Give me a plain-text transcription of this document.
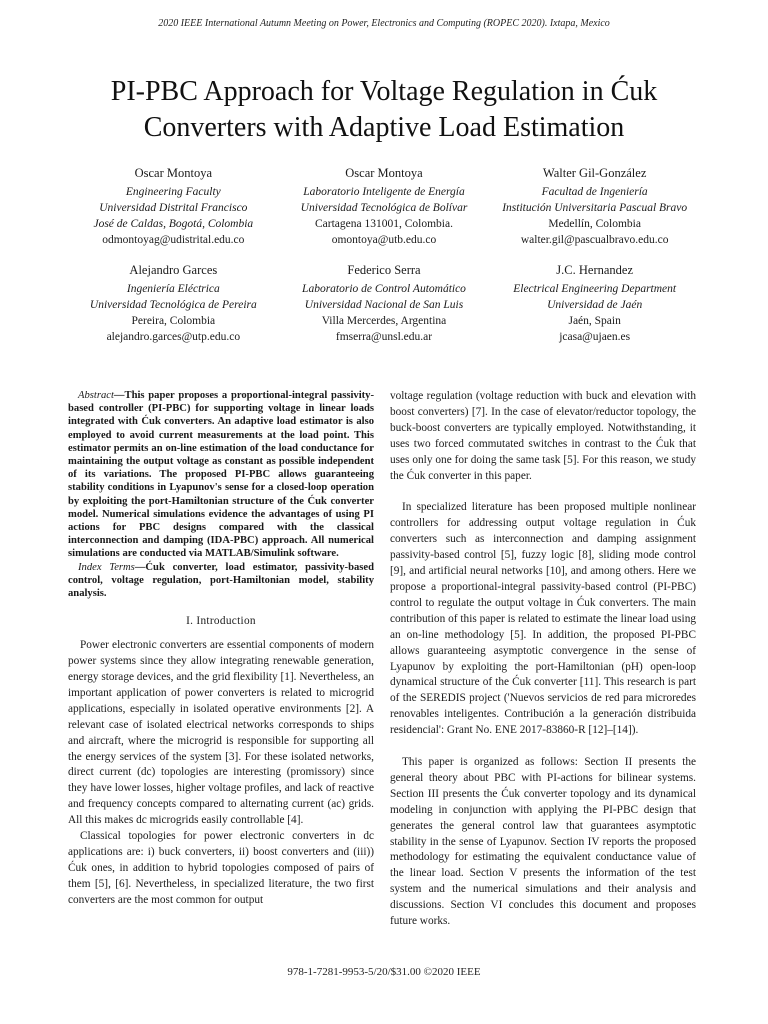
2020 IEEE International Autumn Meeting on Power, Electronics and Computing (ROPEC 2020). Ixtapa, Mexico
PI-PBC Approach for Voltage Regulation in Ćuk
Converters with Adaptive Load Estimation
Oscar Montoya
Engineering Faculty
Universidad Distrital Francisco
José de Caldas, Bogotá, Colombia
odmontoyag@udistrital.edu.co
Oscar Montoya
Laboratorio Inteligente de Energía
Universidad Tecnológica de Bolívar
Cartagena 131001, Colombia.
omontoya@utb.edu.co
Walter Gil-González
Facultad de Ingeniería
Institución Universitaria Pascual Bravo
Medellín, Colombia
walter.gil@pascualbravo.edu.co
Alejandro Garces
Ingeniería Eléctrica
Universidad Tecnológica de Pereira
Pereira, Colombia
alejandro.garces@utp.edu.co
Federico Serra
Laboratorio de Control Automático
Universidad Nacional de San Luis
Villa Mercerdes, Argentina
fmserra@unsl.edu.ar
J.C. Hernandez
Electrical Engineering Department
Universidad de Jaén
Jaén, Spain
jcasa@ujaen.es

Abstract—This paper proposes a proportional-integral passivity-based controller (PI-PBC) for supporting voltage in linear loads integrated with Ćuk converters. An adaptive load estimator is also employed to avoid current measurements at the load point. This estimator permits an on-line estimation of the load conductance for maintaining the output voltage as constant as possible independent of its variations. The proposed PI-PBC allows guaranteeing stability conditions in Lyapunov's sense for a closed-loop operation by exploiting the port-Hamiltonian structure of the Ćuk converter model. Numerical simulations evidence the advantages of using PI actions for PBC designs compared with the classical interconnection and damping (IDA-PBC) approach. All numerical simulations are conducted via MATLAB/Simulink software.

Index Terms—Ćuk converter, load estimator, passivity-based control, voltage regulation, port-Hamiltonian model, stability analysis.

I. Introduction

Power electronic converters are essential components of modern power systems since they allow integrating renewable generation, energy storage devices, and the grid flexibility [1]. Nevertheless, an important application of power converters is related to microgrid applications, especially in isolated operative environments [2]. A relevant case of isolated electrical networks corresponds to ships and aircraft, where the microgrid is responsible for supporting all the energy services of the system [3]. For these isolated networks, direct current (dc) topologies are interesting (promissory) since they have lower losses, higher voltage profiles, and lack of reactive and frequency concepts compared to alternating current (ac) grids. All this makes dc microgrids easily controllable [4].

Classical topologies for power electronic converters in dc applications are: i) buck converters, ii) boost converters and (iii)) Ćuk ones, in addition to hybrid topologies composed of pairs of them [5], [6]. Nevertheless, in specialized literature, the two first converters are the most common for output

voltage regulation (voltage reduction with buck and elevation with boost converters) [7]. In the case of elevator/reductor topology, the buck-boost converters are typically employed. Notwithstanding, it uses two forced commutated switches in contrast to the Ćuk that uses only one for doing the same task [5]. For this reason, we study the Ćuk converter in this paper.

In specialized literature has been proposed multiple nonlinear controllers for addressing output voltage regulation in Ćuk converters such as interconnection and damping assignment passivity-based control [5], fuzzy logic [8], sliding mode control [9], and artificial neural networks [10], and among others. Here we propose a proportional-integral passivity-based control (PI-PBC) control to regulate the output voltage in Ćuk converters. The main contribution of this paper is related to estimate the linear load using an on-line methodology [5]. In addition, the proposed PI-PBC allows guaranteeing asymptotic convergence in the sense of Lyapunov by exploiting the port-Hamiltonian (pH) open-loop dynamical structure of the Ćuk converter [11]. This research is part of the SEREDIS project ('Nuevos servicios de red para microredes renovables inteligentes. Contribución a la generación distribuida residencial': Grant No. ENE 2017-83860-R [12]–[14]).

This paper is organized as follows: Section II presents the general theory about PBC with PI-actions for bilinear systems. Section III presents the Ćuk converter topology and its dynamical modeling in conjunction with applying the PI-PBC design that generates the general control law that guarantees asymptotic stability in the sense of Lyapunov. Section IV reports the proposed methodology for estimating the equivalent conductance value of the linear load. Section V presents the information of the test system and the numerical simulations and their analysis and discussions. Section VI concludes this document and proposes future works.

978-1-7281-9953-5/20/$31.00 ©2020 IEEE
